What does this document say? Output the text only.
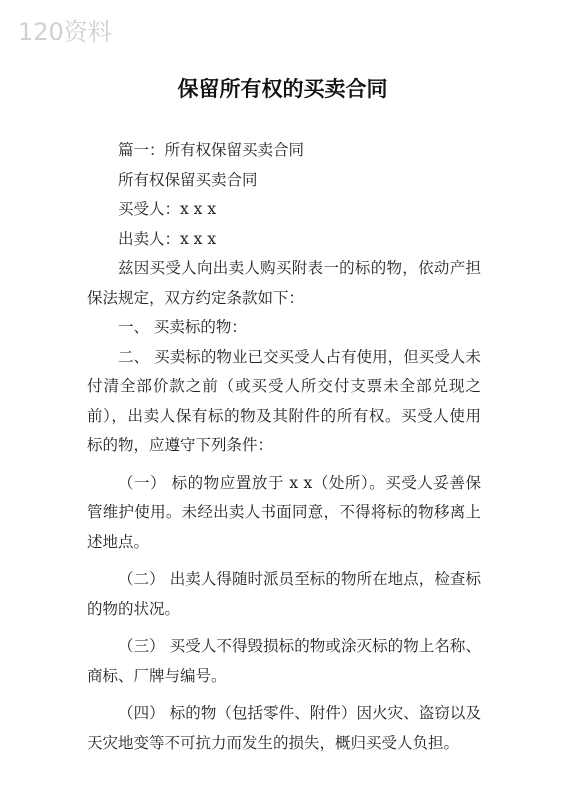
120资料
保留所有权的买卖合同

篇一：所有权保留买卖合同

所有权保留买卖合同

买受人：x x x

出卖人：x x x

兹因买受人向出卖人购买附表一的标的物，依动产担保法规定，双方约定条款如下：

一、 买卖标的物：

二、 买卖标的物业已交买受人占有使用，但买受人未付清全部价款之前（或买受人所交付支票未全部兑现之前），出卖人保有标的物及其附件的所有权。买受人使用标的物，应遵守下列条件：

（一） 标的物应置放于 x x（处所）。买受人妥善保管维护使用。未经出卖人书面同意，不得将标的物移离上述地点。

（二） 出卖人得随时派员至标的物所在地点，检查标的物的状况。

（三） 买受人不得毁损标的物或涂灭标的物上名称、商标、厂牌与编号。

（四） 标的物（包括零件、附件）因火灾、盗窃以及天灾地变等不可抗力而发生的损失，概归买受人负担。
